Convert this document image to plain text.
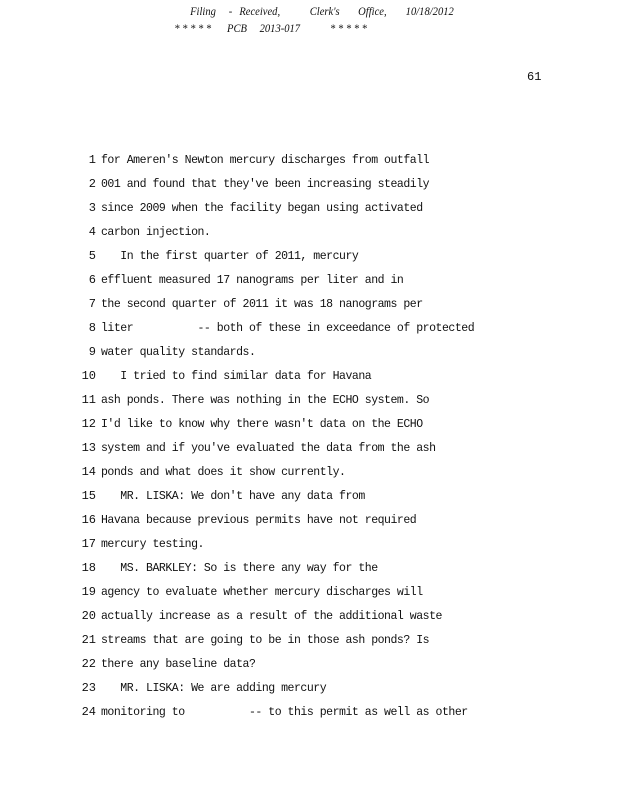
Filing - Received, Clerk's Office, 10/18/2012
* * * * * PCB 2013-017 * * * * *
61
1 for Ameren's Newton mercury discharges from outfall
2 001 and found that they've been increasing steadily
3 since 2009 when the facility began using activated
4 carbon injection.
5 In the first quarter of 2011, mercury
6 effluent measured 17 nanograms per liter and in
7 the second quarter of 2011 it was 18 nanograms per
8 liter          -- both of these in exceedance of protected
9 water quality standards.
10 I tried to find similar data for Havana
11 ash ponds. There was nothing in the ECHO system. So
12 I'd like to know why there wasn't data on the ECHO
13 system and if you've evaluated the data from the ash
14 ponds and what does it show currently.
15 MR. LISKA: We don't have any data from
16 Havana because previous permits have not required
17 mercury testing.
18 MS. BARKLEY: So is there any way for the
19 agency to evaluate whether mercury discharges will
20 actually increase as a result of the additional waste
21 streams that are going to be in those ash ponds? Is
22 there any baseline data?
23 MR. LISKA: We are adding mercury
24 monitoring to          -- to this permit as well as other
